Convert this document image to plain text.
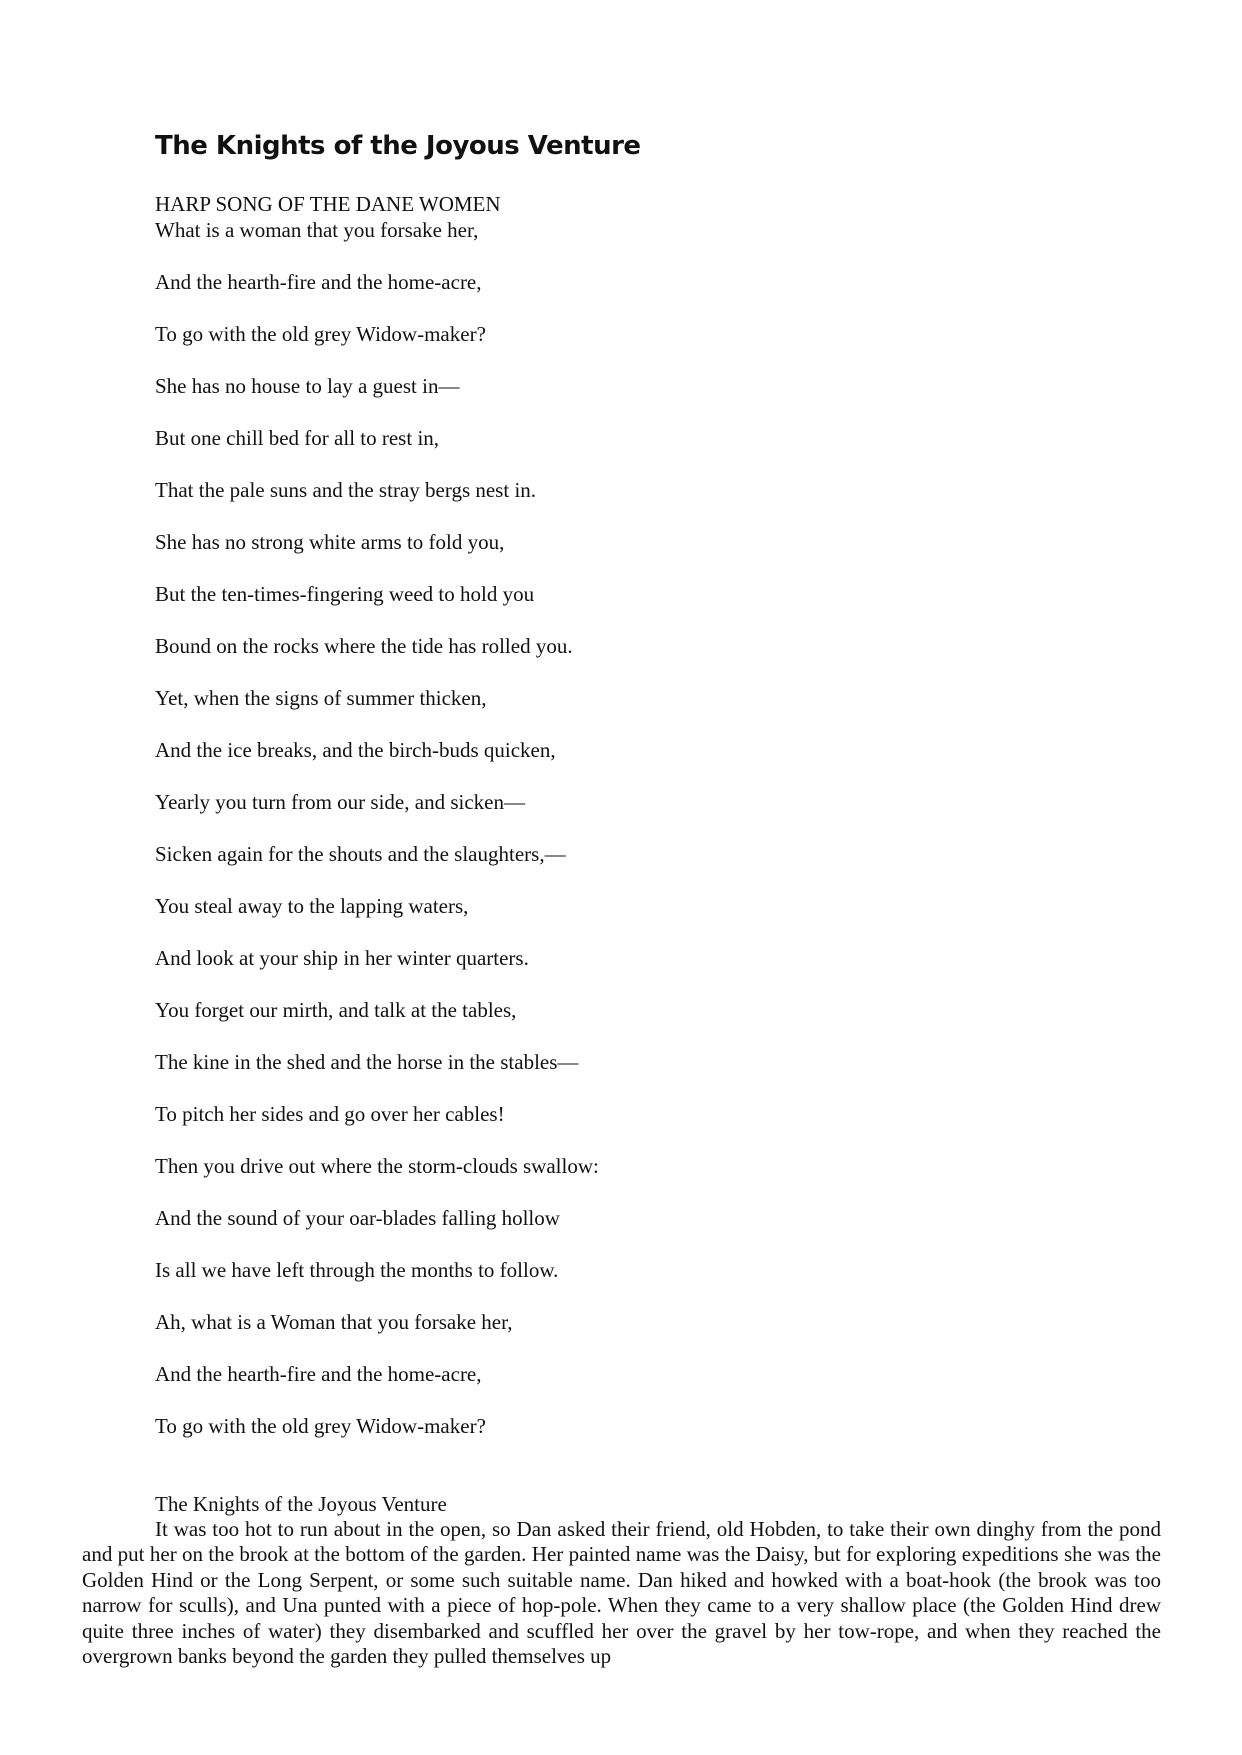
The Knights of the Joyous Venture
HARP SONG OF THE DANE WOMEN
What is a woman that you forsake her,
And the hearth-fire and the home-acre,
To go with the old grey Widow-maker?
She has no house to lay a guest in—
But one chill bed for all to rest in,
That the pale suns and the stray bergs nest in.
She has no strong white arms to fold you,
But the ten-times-fingering weed to hold you
Bound on the rocks where the tide has rolled you.
Yet, when the signs of summer thicken,
And the ice breaks, and the birch-buds quicken,
Yearly you turn from our side, and sicken—
Sicken again for the shouts and the slaughters,—
You steal away to the lapping waters,
And look at your ship in her winter quarters.
You forget our mirth, and talk at the tables,
The kine in the shed and the horse in the stables—
To pitch her sides and go over her cables!
Then you drive out where the storm-clouds swallow:
And the sound of your oar-blades falling hollow
Is all we have left through the months to follow.
Ah, what is a Woman that you forsake her,
And the hearth-fire and the home-acre,
To go with the old grey Widow-maker?
The Knights of the Joyous Venture

It was too hot to run about in the open, so Dan asked their friend, old Hobden, to take their own dinghy from the pond and put her on the brook at the bottom of the garden. Her painted name was the Daisy, but for exploring expeditions she was the Golden Hind or the Long Serpent, or some such suitable name. Dan hiked and howked with a boat-hook (the brook was too narrow for sculls), and Una punted with a piece of hop-pole. When they came to a very shallow place (the Golden Hind drew quite three inches of water) they disembarked and scuffled her over the gravel by her tow-rope, and when they reached the overgrown banks beyond the garden they pulled themselves up
